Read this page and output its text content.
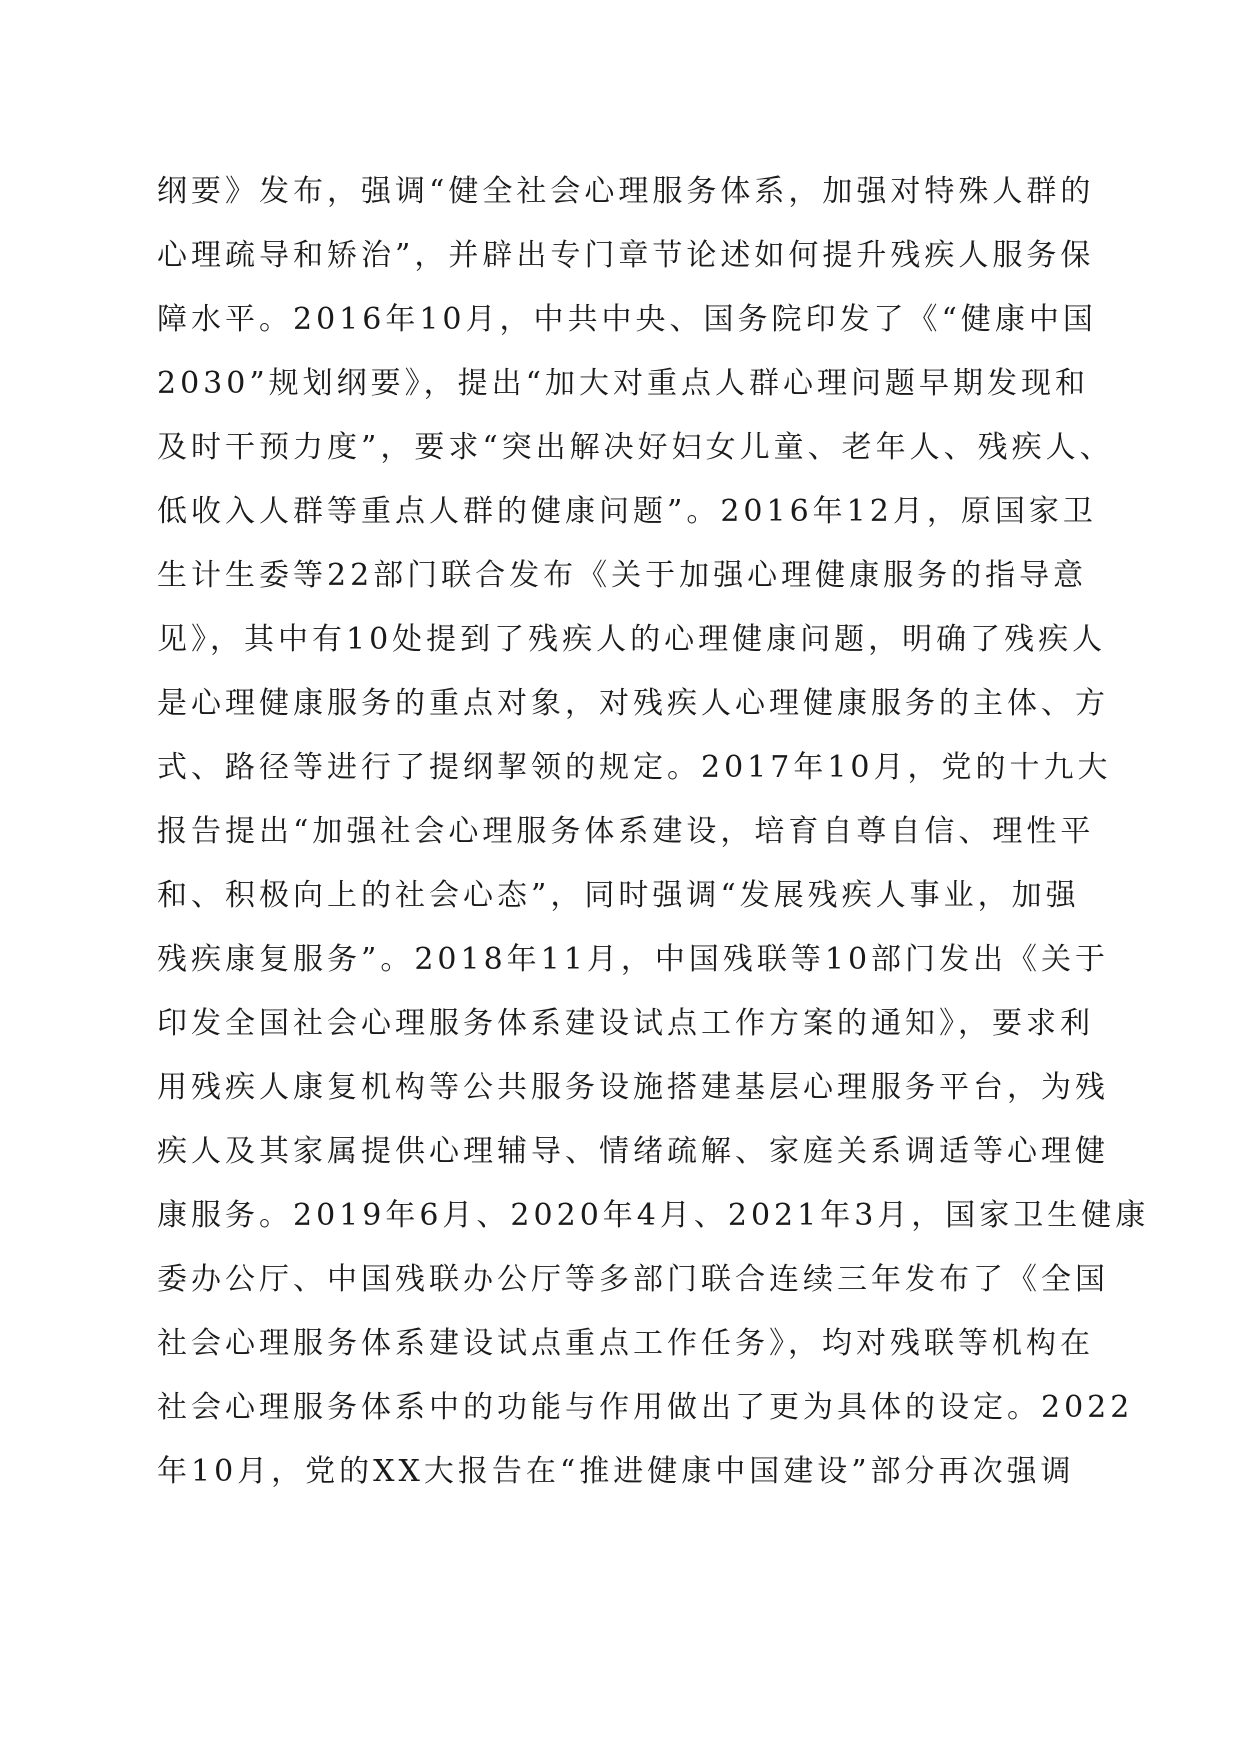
纲要》发布，强调“健全社会心理服务体系，加强对特殊人群的
心理疏导和矫治”，并辟出专门章节论述如何提升残疾人服务保
障水平。2016年10月，中共中央、国务院印发了《“健康中国
2030”规划纲要》，提出“加大对重点人群心理问题早期发现和
及时干预力度”，要求“突出解决好妇女儿童、老年人、残疾人、
低收入人群等重点人群的健康问题”。2016年12月，原国家卫
生计生委等22部门联合发布《关于加强心理健康服务的指导意
见》，其中有10处提到了残疾人的心理健康问题，明确了残疾人
是心理健康服务的重点对象，对残疾人心理健康服务的主体、方
式、路径等进行了提纲挈领的规定。2017年10月，党的十九大
报告提出“加强社会心理服务体系建设，培育自尊自信、理性平
和、积极向上的社会心态”，同时强调“发展残疾人事业，加强
残疾康复服务”。2018年11月，中国残联等10部门发出《关于
印发全国社会心理服务体系建设试点工作方案的通知》，要求利
用残疾人康复机构等公共服务设施搭建基层心理服务平台，为残
疾人及其家属提供心理辅导、情绪疏解、家庭关系调适等心理健
康服务。2019年6月、2020年4月、2021年3月，国家卫生健康
委办公厅、中国残联办公厅等多部门联合连续三年发布了《全国
社会心理服务体系建设试点重点工作任务》，均对残联等机构在
社会心理服务体系中的功能与作用做出了更为具体的设定。2022
年10月，党的XX大报告在“推进健康中国建设”部分再次强调
